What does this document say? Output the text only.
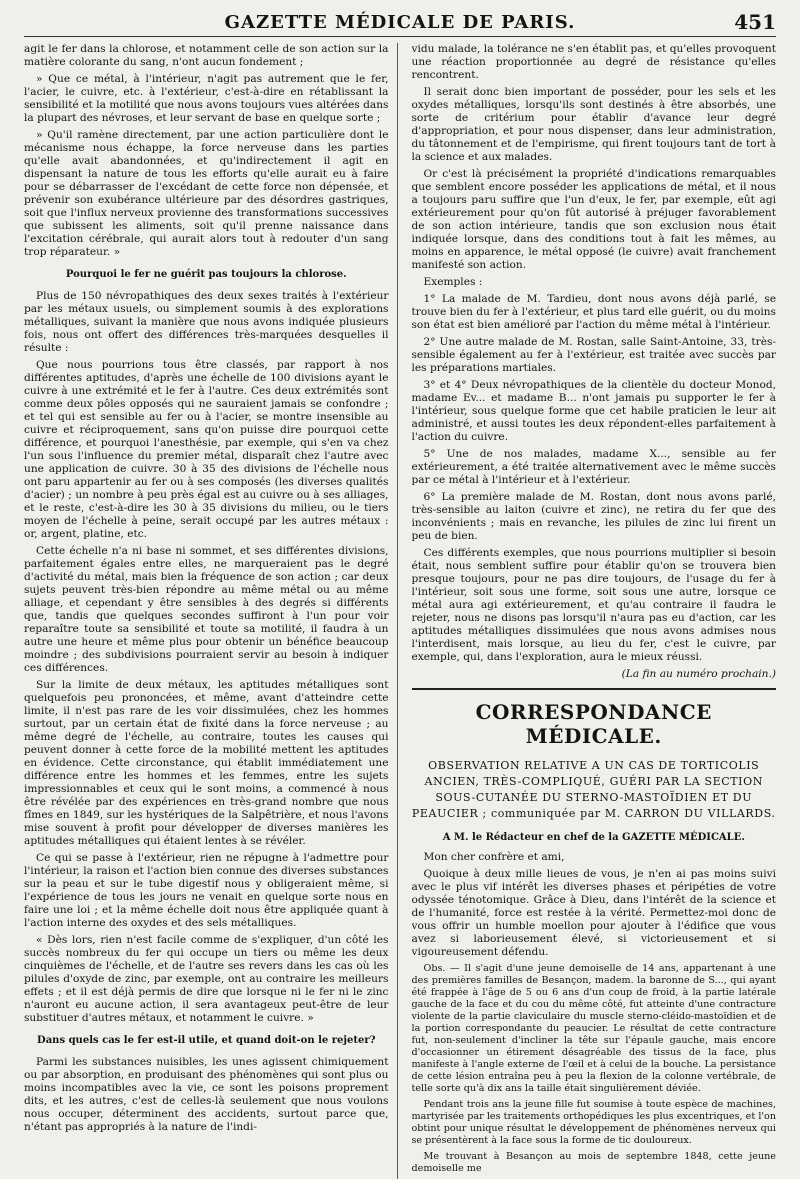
GAZETTE MÉDICALE DE PARIS.	451

agit le fer dans la chlorose, et notamment celle de son action sur la matière colorante du sang, n'ont aucun fondement ;

» Que ce métal, à l'intérieur, n'agit pas autrement que le fer, l'acier, le cuivre, etc. à l'extérieur, c'est-à-dire en rétablissant la sensibilité et la motilité que nous avons toujours vues altérées dans la plupart des névroses, et leur servant de base en quelque sorte ;

» Qu'il ramène directement, par une action particulière dont le mécanisme nous échappe, la force nerveuse dans les parties qu'elle avait abandonnées, et qu'indirectement il agit en dispensant la nature de tous les efforts qu'elle aurait eu à faire pour se débarrasser de l'excédant de cette force non dépensée, et prévenir son exubérance ultérieure par des désordres gastriques, soit que l'influx nerveux provienne des transformations successives que subissent les aliments, soit qu'il prenne naissance dans l'excitation cérébrale, qui aurait alors tout à redouter d'un sang trop réparateur. »

Pourquoi le fer ne guérit pas toujours la chlorose.

Plus de 150 névropathiques des deux sexes traités à l'extérieur par les métaux usuels, ou simplement soumis à des explorations métalliques, suivant la manière que nous avons indiquée plusieurs fois, nous ont offert des différences très-marquées desquelles il résulte :

Que nous pourrions tous être classés, par rapport à nos différentes aptitudes, d'après une échelle de 100 divisions ayant le cuivre à une extrémité et le fer à l'autre. Ces deux extrémités sont comme deux pôles opposés qui ne sauraient jamais se confondre ; et tel qui est sensible au fer ou à l'acier, se montre insensible au cuivre et réciproquement, sans qu'on puisse dire pourquoi cette différence, et pourquoi l'anesthésie, par exemple, qui s'en va chez l'un sous l'influence du premier métal, disparaît chez l'autre avec une application de cuivre. 30 à 35 des divisions de l'échelle nous ont paru appartenir au fer ou à ses composés (les diverses qualités d'acier) ; un nombre à peu près égal est au cuivre ou à ses alliages, et le reste, c'est-à-dire les 30 à 35 divisions du milieu, ou le tiers moyen de l'échelle à peine, serait occupé par les autres métaux : or, argent, platine, etc.

Cette échelle n'a ni base ni sommet, et ses différentes divisions, parfaitement égales entre elles, ne marqueraient pas le degré d'activité du métal, mais bien la fréquence de son action ; car deux sujets peuvent très-bien répondre au même métal ou au même alliage, et cependant y être sensibles à des degrés si différents que, tandis que quelques secondes suffiront à l'un pour voir reparaître toute sa sensibilité et toute sa motilité, il faudra à un autre une heure et même plus pour obtenir un bénéfice beaucoup moindre ; des subdivisions pourraient servir au besoin à indiquer ces différences.

Sur la limite de deux métaux, les aptitudes métalliques sont quelquefois peu prononcées, et même, avant d'atteindre cette limite, il n'est pas rare de les voir dissimulées, chez les hommes surtout, par un certain état de fixité dans la force nerveuse ; au même degré de l'échelle, au contraire, toutes les causes qui peuvent donner à cette force de la mobilité mettent les aptitudes en évidence. Cette circonstance, qui établit immédiatement une différence entre les hommes et les femmes, entre les sujets impressionnables et ceux qui le sont moins, a commencé à nous être révélée par des expériences en très-grand nombre que nous fîmes en 1849, sur les hystériques de la Salpêtrière, et nous l'avons mise souvent à profit pour développer de diverses manières les aptitudes métalliques qui étaient lentes à se révéler.

Ce qui se passe à l'extérieur, rien ne répugne à l'admettre pour l'intérieur, la raison et l'action bien connue des diverses substances sur la peau et sur le tube digestif nous y obligeraient même, si l'expérience de tous les jours ne venait en quelque sorte nous en faire une loi ; et la même échelle doit nous être appliquée quant à l'action interne des oxydes et des sels métalliques.

« Dès lors, rien n'est facile comme de s'expliquer, d'un côté les succès nombreux du fer qui occupe un tiers ou même les deux cinquièmes de l'échelle, et de l'autre ses revers dans les cas où les pilules d'oxyde de zinc, par exemple, ont au contraire les meilleurs effets ; et il est déjà permis de dire que lorsque ni le fer ni le zinc n'auront eu aucune action, il sera avantageux peut-être de leur substituer d'autres métaux, et notamment le cuivre. »

Dans quels cas le fer est-il utile, et quand doit-on le rejeter?

Parmi les substances nuisibles, les unes agissent chimiquement ou par absorption, en produisant des phénomènes qui sont plus ou moins incompatibles avec la vie, ce sont les poisons proprement dits, et les autres, c'est de celles-là seulement que nous voulons nous occuper, déterminent des accidents, surtout parce que, n'étant pas appropriés à la nature de l'indi-

vidu malade, la tolérance ne s'en établit pas, et qu'elles provoquent une réaction proportionnée au degré de résistance qu'elles rencontrent.

Il serait donc bien important de posséder, pour les sels et les oxydes métalliques, lorsqu'ils sont destinés à être absorbés, une sorte de critérium pour établir d'avance leur degré d'appropriation, et pour nous dispenser, dans leur administration, du tâtonnement et de l'empirisme, qui firent toujours tant de tort à la science et aux malades.

Or c'est là précisément la propriété d'indications remarquables que semblent encore posséder les applications de métal, et il nous a toujours paru suffire que l'un d'eux, le fer, par exemple, eût agi extérieurement pour qu'on fût autorisé à préjuger favorablement de son action intérieure, tandis que son exclusion nous était indiquée lorsque, dans des conditions tout à fait les mêmes, au moins en apparence, le métal opposé (le cuivre) avait franchement manifesté son action.

Exemples :

1° La malade de M. Tardieu, dont nous avons déjà parlé, se trouve bien du fer à l'extérieur, et plus tard elle guérit, ou du moins son état est bien amélioré par l'action du même métal à l'intérieur.

2° Une autre malade de M. Rostan, salle Saint-Antoine, 33, très-sensible également au fer à l'extérieur, est traitée avec succès par les préparations martiales.

3° et 4° Deux névropathiques de la clientèle du docteur Monod, madame Ev... et madame B... n'ont jamais pu supporter le fer à l'intérieur, sous quelque forme que cet habile praticien le leur ait administré, et aussi toutes les deux répondent-elles parfaitement à l'action du cuivre.

5° Une de nos malades, madame X..., sensible au fer extérieurement, a été traitée alternativement avec le même succès par ce métal à l'intérieur et à l'extérieur.

6° La première malade de M. Rostan, dont nous avons parlé, très-sensible au laiton (cuivre et zinc), ne retira du fer que des inconvénients ; mais en revanche, les pilules de zinc lui firent un peu de bien.

Ces différents exemples, que nous pourrions multiplier si besoin était, nous semblent suffire pour établir qu'on se trouvera bien presque toujours, pour ne pas dire toujours, de l'usage du fer à l'intérieur, soit sous une forme, soit sous une autre, lorsque ce métal aura agi extérieurement, et qu'au contraire il faudra le rejeter, nous ne disons pas lorsqu'il n'aura pas eu d'action, car les aptitudes métalliques dissimulées que nous avons admises nous l'interdisent, mais lorsque, au lieu du fer, c'est le cuivre, par exemple, qui, dans l'exploration, aura le mieux réussi.

(La fin au numéro prochain.)
CORRESPONDANCE MÉDICALE.
OBSERVATION RELATIVE A UN CAS DE TORTICOLIS ANCIEN, TRÈS-COMPLIQUÉ, GUÉRI PAR LA SECTION SOUS-CUTANÉE DU STERNO-MASTOÏDIEN ET DU PEAUCIER ; communiquée par M. CARRON DU VILLARDS.
A M. le Rédacteur en chef de la GAZETTE MÉDICALE.

Mon cher confrère et ami,

Quoique à deux mille lieues de vous, je n'en ai pas moins suivi avec le plus vif intérêt les diverses phases et péripéties de votre odyssée ténotomique. Grâce à Dieu, dans l'intérêt de la science et de l'humanité, force est restée à la vérité. Permettez-moi donc de vous offrir un humble moellon pour ajouter à l'édifice que vous avez si laborieusement élevé, si victorieusement et si vigoureusement défendu.

Obs. — Il s'agit d'une jeune demoiselle de 14 ans, appartenant à une des premières familles de Besançon, madem. la baronne de S..., qui ayant été frappée à l'âge de 5 ou 6 ans d'un coup de froid, à la partie latérale gauche de la face et du cou du même côté, fut atteinte d'une contracture violente de la partie claviculaire du muscle sterno-cléido-mastoïdien et de la portion correspondante du peaucier. Le résultat de cette contracture fut, non-seulement d'incliner la tête sur l'épaule gauche, mais encore d'occasionner un étirement désagréable des tissus de la face, plus manifeste à l'angle externe de l'œil et à celui de la bouche. La persistance de cette lésion entraîna peu à peu la flexion de la colonne vertébrale, de telle sorte qu'à dix ans la taille était singulièrement déviée.

Pendant trois ans la jeune fille fut soumise à toute espèce de machines, martyrisée par les traitements orthopédiques les plus excentriques, et l'on obtint pour unique résultat le développement de phénomènes nerveux qui se présentèrent à la face sous la forme de tic douloureux.

Me trouvant à Besançon au mois de septembre 1848, cette jeune demoiselle me
